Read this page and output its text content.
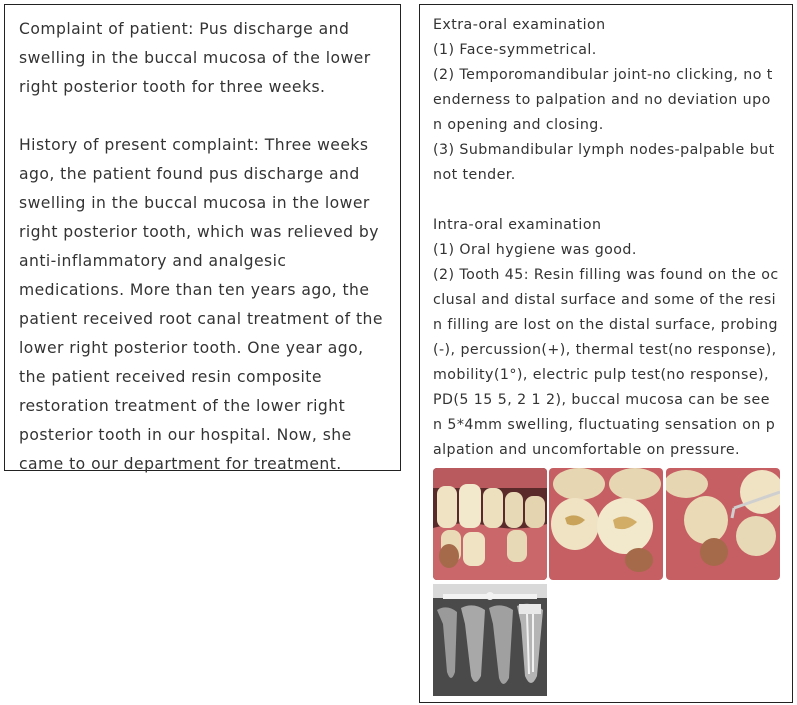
Complaint of patient: Pus discharge and swelling in the buccal mucosa of the lower right posterior tooth for three weeks.

History of present complaint: Three weeks ago, the patient found pus discharge and swelling in the buccal mucosa in the lower right posterior tooth, which was relieved by anti-inflammatory and analgesic medications. More than ten years ago, the patient received root canal treatment of the lower right posterior tooth. One year ago, the patient received resin composite restoration treatment of the lower right posterior tooth in our hospital. Now, she came to our department for treatment.

Extra-oral examination

(1) Face-symmetrical.

(2) Temporomandibular joint-no clicking, no tenderness to palpation and no deviation upon opening and closing.

(3) Submandibular lymph nodes-palpable but not tender.

Intra-oral examination

(1) Oral hygiene was good.

(2) Tooth 45: Resin filling was found on the occlusal and distal surface and some of the resin filling are lost on the distal surface, probing(-), percussion(+), thermal test(no response), mobility(1°), electric pulp test(no response), PD(5 15 5, 2 1 2), buccal mucosa can be seen 5*4mm swelling, fluctuating sensation on palpation and uncomfortable on pressure.
